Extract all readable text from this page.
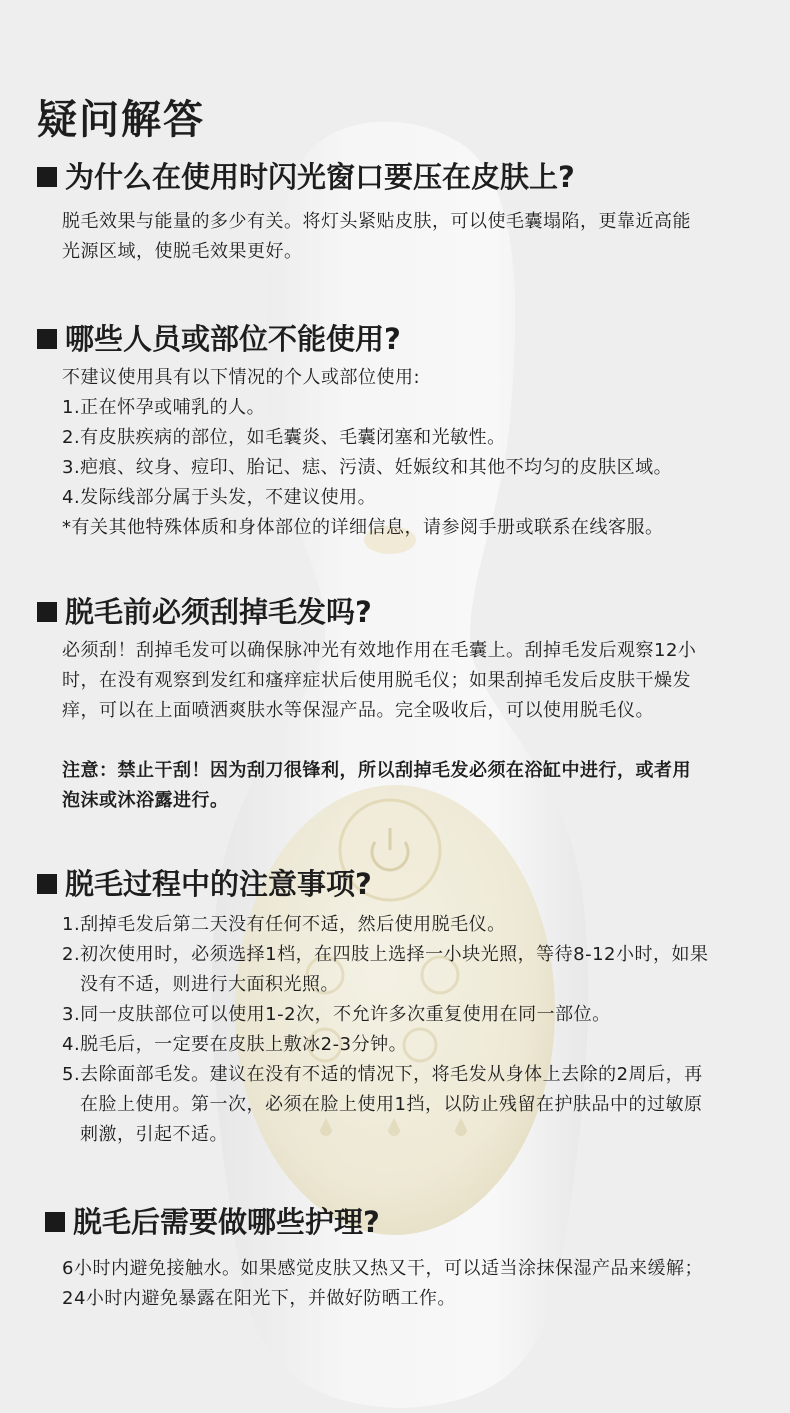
疑问解答
为什么在使用时闪光窗口要压在皮肤上?

脱毛效果与能量的多少有关。将灯头紧贴皮肤，可以使毛囊塌陷，更靠近高能

光源区域，使脱毛效果更好。

哪些人员或部位不能使用?

不建议使用具有以下情况的个人或部位使用:

1.正在怀孕或哺乳的人。
2.有皮肤疾病的部位，如毛囊炎、毛囊闭塞和光敏性。
3.疤痕、纹身、痘印、胎记、痣、污渍、妊娠纹和其他不均匀的皮肤区域。
4.发际线部分属于头发，不建议使用。
*有关其他特殊体质和身体部位的详细信息，请参阅手册或联系在线客服。
脱毛前必须刮掉毛发吗?

必须刮！刮掉毛发可以确保脉冲光有效地作用在毛囊上。刮掉毛发后观察12小

时，在没有观察到发红和瘙痒症状后使用脱毛仪；如果刮掉毛发后皮肤干燥发

痒，可以在上面喷洒爽肤水等保湿产品。完全吸收后，可以使用脱毛仪。

注意：禁止干刮！因为刮刀很锋利，所以刮掉毛发必须在浴缸中进行，或者用

泡沫或沐浴露进行。

脱毛过程中的注意事项?
1.刮掉毛发后第二天没有任何不适，然后使用脱毛仪。
2.初次使用时，必须选择1档，在四肢上选择一小块光照，等待8-12小时，如果
没有不适，则进行大面积光照。
3.同一皮肤部位可以使用1-2次，不允许多次重复使用在同一部位。
4.脱毛后，一定要在皮肤上敷冰2-3分钟。
5.去除面部毛发。建议在没有不适的情况下，将毛发从身体上去除的2周后，再
在脸上使用。第一次，必须在脸上使用1挡，以防止残留在护肤品中的过敏原
刺激，引起不适。
脱毛后需要做哪些护理?

6小时内避免接触水。如果感觉皮肤又热又干，可以适当涂抹保湿产品来缓解；

24小时内避免暴露在阳光下，并做好防晒工作。
